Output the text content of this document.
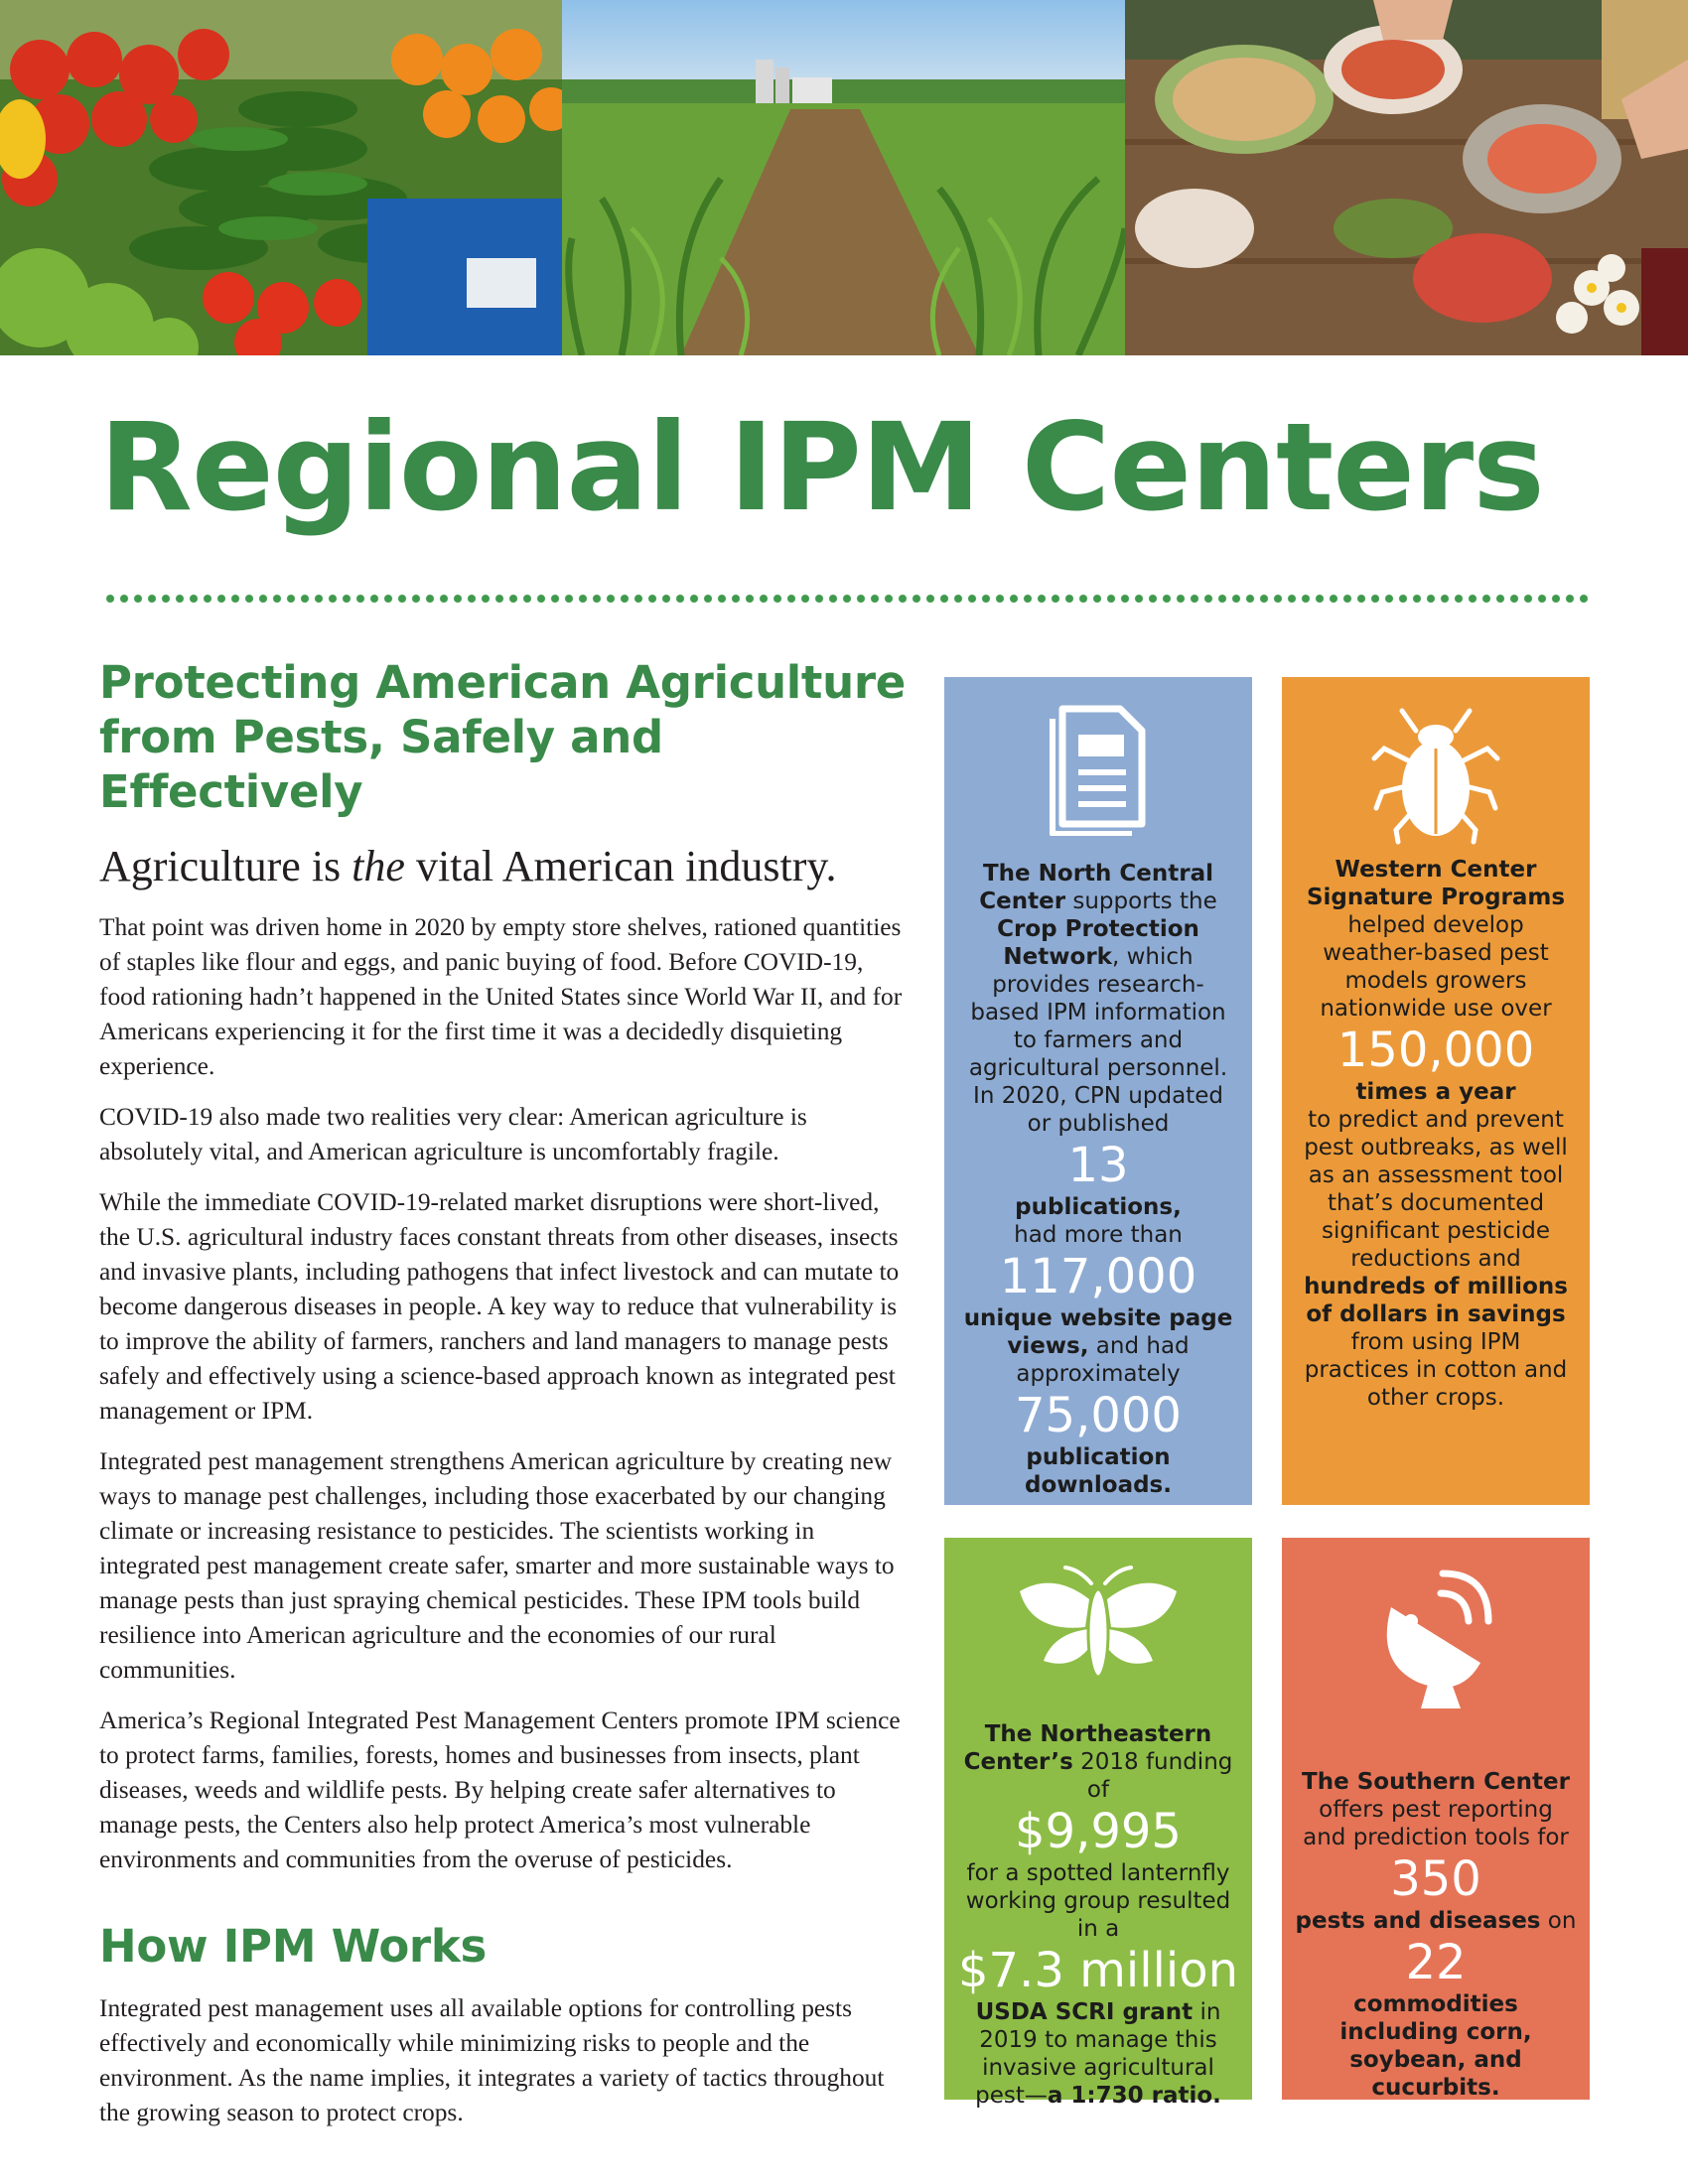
Regional IPM Centers
Protecting American Agriculture from Pests, Safely and Effectively
Agriculture is the vital American industry.

That point was driven home in 2020 by empty store shelves, rationed quantities of staples like flour and eggs, and panic buying of food. Before COVID-19, food rationing hadn’t happened in the United States since World War II, and for Americans experiencing it for the first time it was a decidedly disquieting experience.

COVID-19 also made two realities very clear: American agriculture is absolutely vital, and American agriculture is uncomfortably fragile.

While the immediate COVID-19-related market disruptions were short-lived, the U.S. agricultural industry faces constant threats from other diseases, insects and invasive plants, including pathogens that infect livestock and can mutate to become dangerous diseases in people. A key way to reduce that vulnerability is to improve the ability of farmers, ranchers and land managers to manage pests safely and effectively using a science-based approach known as integrated pest management or IPM.

Integrated pest management strengthens American agriculture by creating new ways to manage pest challenges, including those exacerbated by our changing climate or increasing resistance to pesticides. The scientists working in integrated pest management create safer, smarter and more sustainable ways to manage pests than just spraying chemical pesticides. These IPM tools build resilience into American agriculture and the economies of our rural communities.

America’s Regional Integrated Pest Management Centers promote IPM science to protect farms, families, forests, homes and businesses from insects, plant diseases, weeds and wildlife pests. By helping create safer alternatives to manage pests, the Centers also help protect America’s most vulnerable environments and communities from the overuse of pesticides.

How IPM Works

Integrated pest management uses all available options for controlling pests effectively and economically while minimizing risks to people and the environment. As the name implies, it integrates a variety of tactics throughout the growing season to protect crops.

The North Central Center supports the Crop Protection Network, which provides research-based IPM information to farmers and agricultural personnel. In 2020, CPN updated or published
13
publications,
had more than
117,000
unique website page views, and had approximately
75,000
publication downloads.
Western Center Signature Programs
helped develop weather-based pest models growers nationwide use over
150,000
times a year
to predict and prevent pest outbreaks, as well as an assessment tool that’s documented significant pesticide reductions and
hundreds of millions of dollars in savings
from using IPM practices in cotton and other crops.
The Northeastern Center’s 2018 funding of
$9,995
for a spotted lanternfly working group resulted in a
$7.3 million
USDA SCRI grant in 2019 to manage this invasive agricultural pest—a 1:730 ratio.
The Southern Center
offers pest reporting and prediction tools for
350
pests and diseases on
22
commodities including corn, soybean, and cucurbits.
